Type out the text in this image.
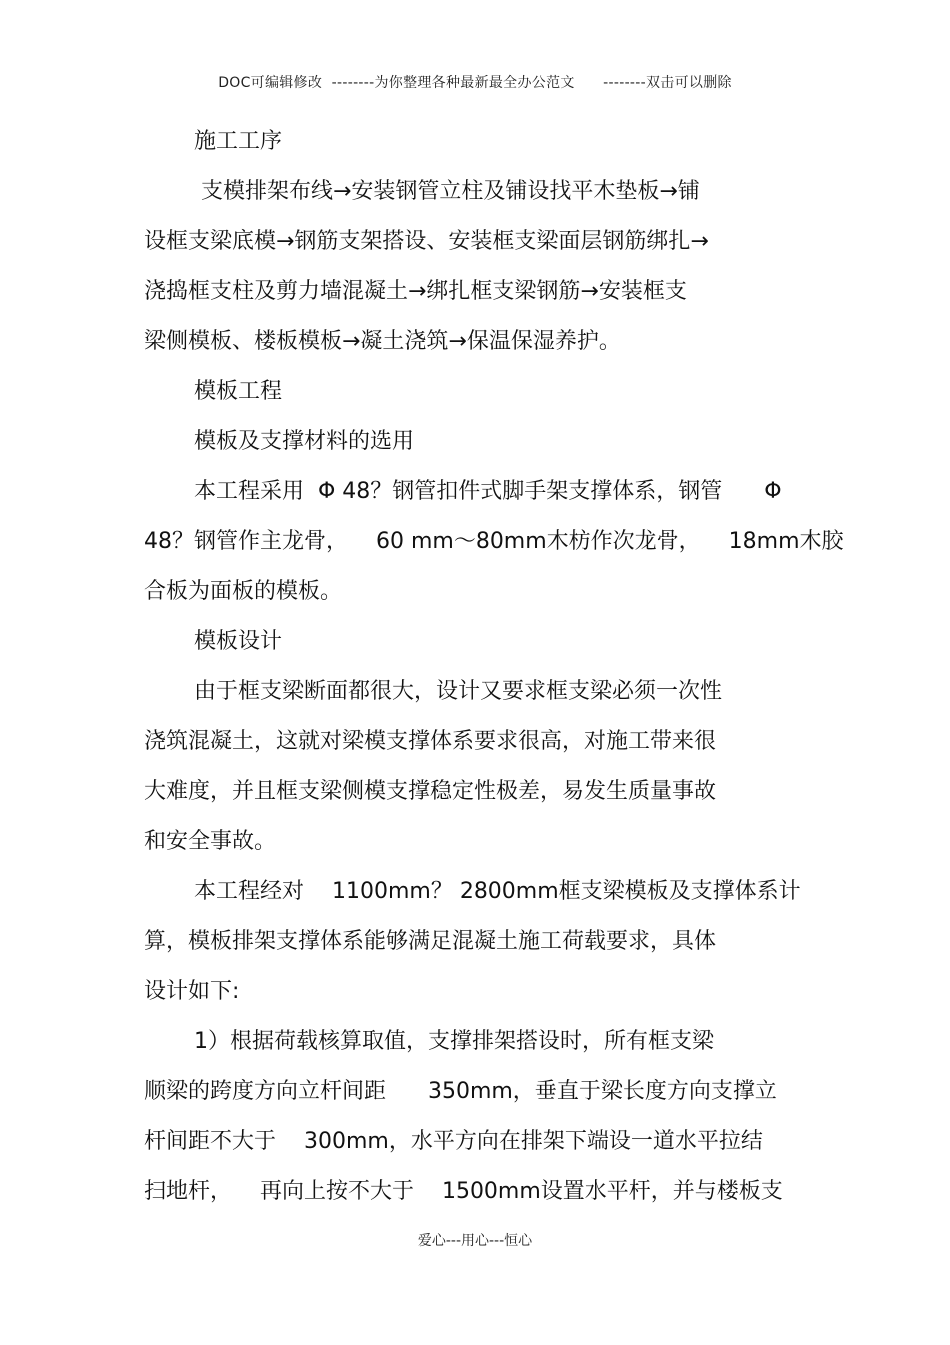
DOC可编辑修改  --------为你整理各种最新最全办公范文      --------双击可以删除
施工工序
支模排架布线→安装钢管立柱及铺设找平木垫板→铺
设框支梁底模→钢筋支架搭设、安装框支梁面层钢筋绑扎→
浇捣框支柱及剪力墙混凝土→绑扎框支梁钢筋→安装框支
梁侧模板、楼板模板→凝土浇筑→保温保湿养护。
模板工程
模板及支撑材料的选用
本工程采用  Φ 48？钢管扣件式脚手架支撑体系，钢管      Φ
48？钢管作主龙骨，    60 mm～80mm木枋作次龙骨，    18mm木胶
合板为面板的模板。
模板设计
由于框支梁断面都很大，设计又要求框支梁必须一次性
浇筑混凝土，这就对梁模支撑体系要求很高，对施工带来很
大难度，并且框支梁侧模支撑稳定性极差，易发生质量事故
和安全事故。
本工程经对    1100mm？ 2800mm框支梁模板及支撑体系计
算，模板排架支撑体系能够满足混凝土施工荷载要求，具体
设计如下:
1）根据荷载核算取值，支撑排架搭设时，所有框支梁
顺梁的跨度方向立杆间距      350mm，垂直于梁长度方向支撑立
杆间距不大于    300mm，水平方向在排架下端设一道水平拉结
扫地杆，    再向上按不大于    1500mm设置水平杆，并与楼板支
爱心---用心---恒心
